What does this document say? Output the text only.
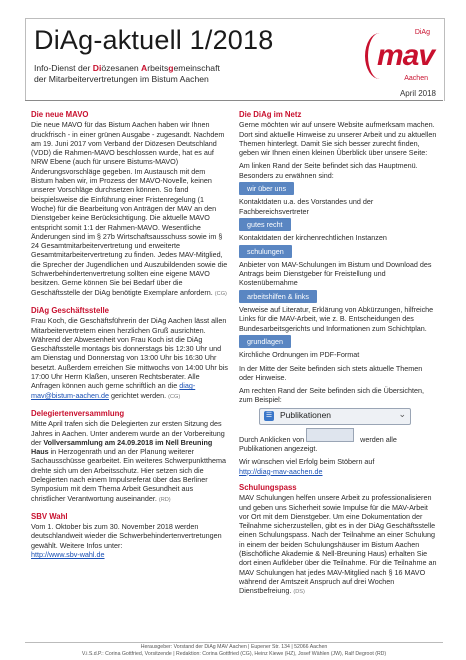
DiAg-aktuell 1/2018
Info-Dienst der Diözesanen Arbeitsgemeinschaft
der Mitarbeitervertretungen im Bistum Aachen
DiAg
mav
Aachen
April 2018
Die neue MAVO

Die neue MAVO für das Bistum Aachen haben wir Ihnen druckfrisch - in einer grünen Ausgabe - zugesandt. Nachdem am 19. Juni 2017 vom Verband der Diözesen Deutschland (VDD) die Rahmen-MAVO beschlossen wurde, hat es auf NRW Ebene (auch für unsere Bistums-MAVO) Änderungsvorschläge gegeben. Im Austausch mit dem Bistum haben wir, im Prozess der MAVO-Novelle, keinen unserer Vorschläge durchsetzen können. So fand beispielsweise die Einführung einer Fristenregelung (1 Woche) für die Bearbeitung von Anträgen der MAV an den Dienstgeber keine Berücksichtigung. Die aktuelle MAVO entspricht somit 1:1 der Rahmen-MAVO. Wesentliche Änderungen sind im § 27b Wirtschaftsausschuss sowie im § 24 Gesamtmitarbeitervertretung und erweiterte Gesamtmitarbeitervertretung zu finden. Jedes MAV-Mitglied, die Sprecher der Jugendlichen und Auszubildenden sowie die Schwerbehindertenvertretung sollten eine eigene MAVO besitzen. Gerne können Sie bei Bedarf über die Geschäftsstelle der DiAg benötigte Exemplare anfordern. (CG)

DiAg Geschäftsstelle

Frau Koch, die Geschäftsführerin der DiAg Aachen lässt allen Mitarbeitervertretern einen herzlichen Gruß ausrichten. Während der Abwesenheit von Frau Koch ist die DiAg Geschäftsstelle montags bis donnerstags bis 12:30 Uhr und am Dienstag und Donnerstag von 13:00 Uhr bis 16:30 Uhr besetzt. Außerdem erreichen Sie mittwochs von 14:00 Uhr bis 17:00 Uhr Herrn Klaßen, unseren Rechtsberater. Alle Anfragen können auch gerne schriftlich an die diag-mav@bistum-aachen.de gerichtet werden. (CG)

Delegiertenversammlung

Mitte April trafen sich die Delegierten zur ersten Sitzung des Jahres in Aachen. Unter anderem wurde an der Vorbereitung der Vollversammlung am 24.09.2018 im Nell Breuning Haus in Herzogenrath und an der Planung weiterer Sachausschüsse gearbeitet. Ein weiteres Schwerpunktthema drehte sich um den Arbeitsschutz. Hier setzen sich die Delegierten nach einem Impulsreferat über das Berliner Symposium mit dem Thema Arbeit Gesundheit aus christlicher Verantwortung auseinander. (RD)

SBV Wahl

Vom 1. Oktober bis zum 30. November 2018 werden deutschlandweit wieder die Schwerbehindertenvertretungen gewählt. Weitere Infos unter:
http://www.sbv-wahl.de

Die DiAg im Netz

Gerne möchten wir auf unsere Website aufmerksam machen. Dort sind aktuelle Hinweise zu unserer Arbeit und zu aktuellen Themen hinterlegt. Damit Sie sich besser zurecht finden, geben wir Ihnen einen kleinen Überblick über unsere Seite:

Am linken Rand der Seite befindet sich das Hauptmenü. Besonders zu erwähnen sind:

wir über uns

Kontaktdaten u.a. des Vorstandes und der Fachbereichsvertreter

gutes recht

Kontaktdaten der kirchenrechtlichen Instanzen

schulungen

Anbieter von MAV-Schulungen im Bistum und Download des Antrags beim Dienstgeber für Freistellung und Kostenübernahme

arbeitshilfen & links

Verweise auf Literatur, Erklärung von Abkürzungen, hilfreiche Links für die MAV-Arbeit, wie z. B. Entscheidungen des Bundesarbeitsgerichts und Informationen zum Schichtplan.

grundlagen

Kirchliche Ordnungen im PDF-Format

In der Mitte der Seite befinden sich stets aktuelle Themen oder Hinweise.

Am rechten Rand der Seite befinden sich die Übersichten, zum Beispiel:

☰ Publikationen	⌄

Durch Anklicken von	werden alle Publikationen angezeigt.

Wir wünschen viel Erfolg beim Stöbern auf

http://diag-mav-aachen.de
Schulungspass

MAV Schulungen helfen unsere Arbeit zu professionalisieren und geben uns Sicherheit sowie Impulse für die MAV-Arbeit vor Ort mit dem Dienstgeber. Um eine Dokumentation der Teilnahme sicherzustellen, gibt es in der DiAg Geschäftsstelle einen Schulungspass. Nach der Teilnahme an einer Schulung in einem der beiden Schulungshäuser im Bistum Aachen (Bischöfliche Akademie & Nell-Breuning Haus) erhalten Sie dort einen Aufkleber über die Teilnahme. Für die Teilnahme an MAV Schulungen hat jedes MAV-Mitglied nach § 16 MAVO während der Amtszeit Anspruch auf drei Wochen Dienstbefreiung. (DS)

Herausgeber: Vorstand der DiAg MAV Aachen | Eupener Str. 134 | 52066 Aachen
V.i.S.d.P.: Corina Gottfried, Vorsitzende | Redaktion: Corina Gottfried (CG), Heinz Kiewe (HZ), Josef Wählen (JW), Ralf Degroot (RD)
